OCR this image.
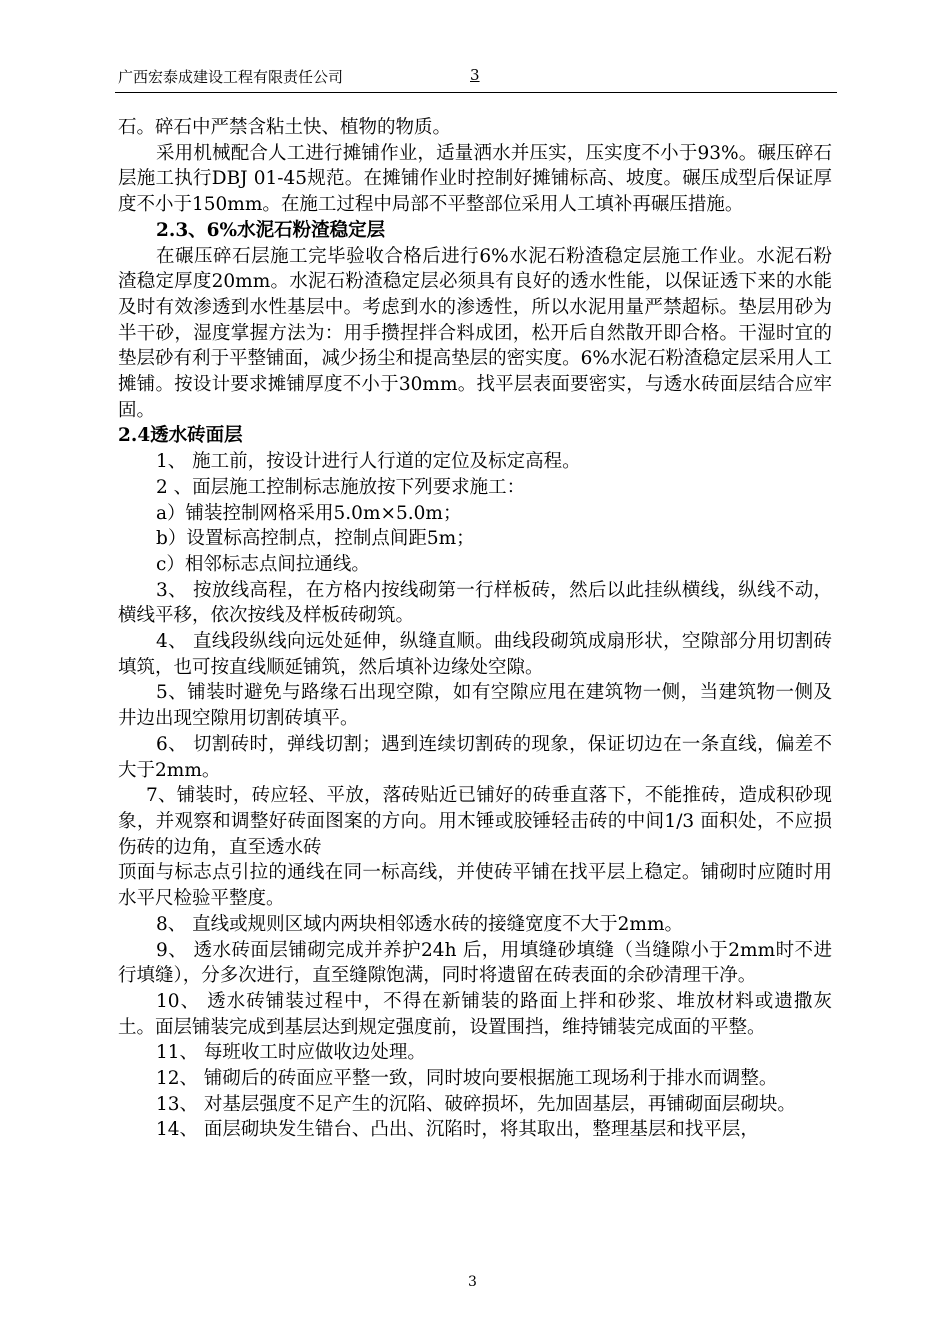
广西宏泰成建设工程有限责任公司	3

石。碎石中严禁含粘土快、植物的物质。

采用机械配合人工进行摊铺作业，适量洒水并压实，压实度不小于93%。碾压碎石层施工执行DBJ 01-45规范。在摊铺作业时控制好摊铺标高、坡度。碾压成型后保证厚度不小于150mm。在施工过程中局部不平整部位采用人工填补再碾压措施。

2.3、6%水泥石粉渣稳定层

在碾压碎石层施工完毕验收合格后进行6%水泥石粉渣稳定层施工作业。水泥石粉渣稳定厚度20mm。水泥石粉渣稳定层必须具有良好的透水性能，以保证透下来的水能及时有效渗透到水性基层中。考虑到水的渗透性，所以水泥用量严禁超标。垫层用砂为半干砂，湿度掌握方法为：用手攒捏拌合料成团，松开后自然散开即合格。干湿时宜的垫层砂有利于平整铺面，减少扬尘和提高垫层的密实度。6%水泥石粉渣稳定层采用人工摊铺。按设计要求摊铺厚度不小于30mm。找平层表面要密实，与透水砖面层结合应牢固。

2.4透水砖面层

1、 施工前，按设计进行人行道的定位及标定高程。

2 、面层施工控制标志施放按下列要求施工：

a）铺装控制网格采用5.0m×5.0m；

b）设置标高控制点，控制点间距5m；

c）相邻标志点间拉通线。

3、 按放线高程，在方格内按线砌第一行样板砖，然后以此挂纵横线，纵线不动，横线平移，依次按线及样板砖砌筑。

4、 直线段纵线向远处延伸，纵缝直顺。曲线段砌筑成扇形状，空隙部分用切割砖填筑，也可按直线顺延铺筑，然后填补边缘处空隙。

5、铺装时避免与路缘石出现空隙，如有空隙应甩在建筑物一侧，当建筑物一侧及井边出现空隙用切割砖填平。

6、 切割砖时，弹线切割；遇到连续切割砖的现象，保证切边在一条直线，偏差不大于2mm。

7、铺装时，砖应轻、平放，落砖贴近已铺好的砖垂直落下，不能推砖，造成积砂现象，并观察和调整好砖面图案的方向。用木锤或胶锤轻击砖的中间1/3 面积处，不应损伤砖的边角，直至透水砖

顶面与标志点引拉的通线在同一标高线，并使砖平铺在找平层上稳定。铺砌时应随时用水平尺检验平整度。

8、 直线或规则区域内两块相邻透水砖的接缝宽度不大于2mm。

9、 透水砖面层铺砌完成并养护24h 后，用填缝砂填缝（当缝隙小于2mm时不进行填缝），分多次进行，直至缝隙饱满，同时将遗留在砖表面的余砂清理干净。

10、 透水砖铺装过程中，不得在新铺装的路面上拌和砂浆、堆放材料或遗撒灰土。面层铺装完成到基层达到规定强度前，设置围挡，维持铺装完成面的平整。

11、 每班收工时应做收边处理。

12、 铺砌后的砖面应平整一致，同时坡向要根据施工现场利于排水而调整。

13、 对基层强度不足产生的沉陷、破碎损坏，先加固基层，再铺砌面层砌块。

14、 面层砌块发生错台、凸出、沉陷时，将其取出，整理基层和找平层，

3
